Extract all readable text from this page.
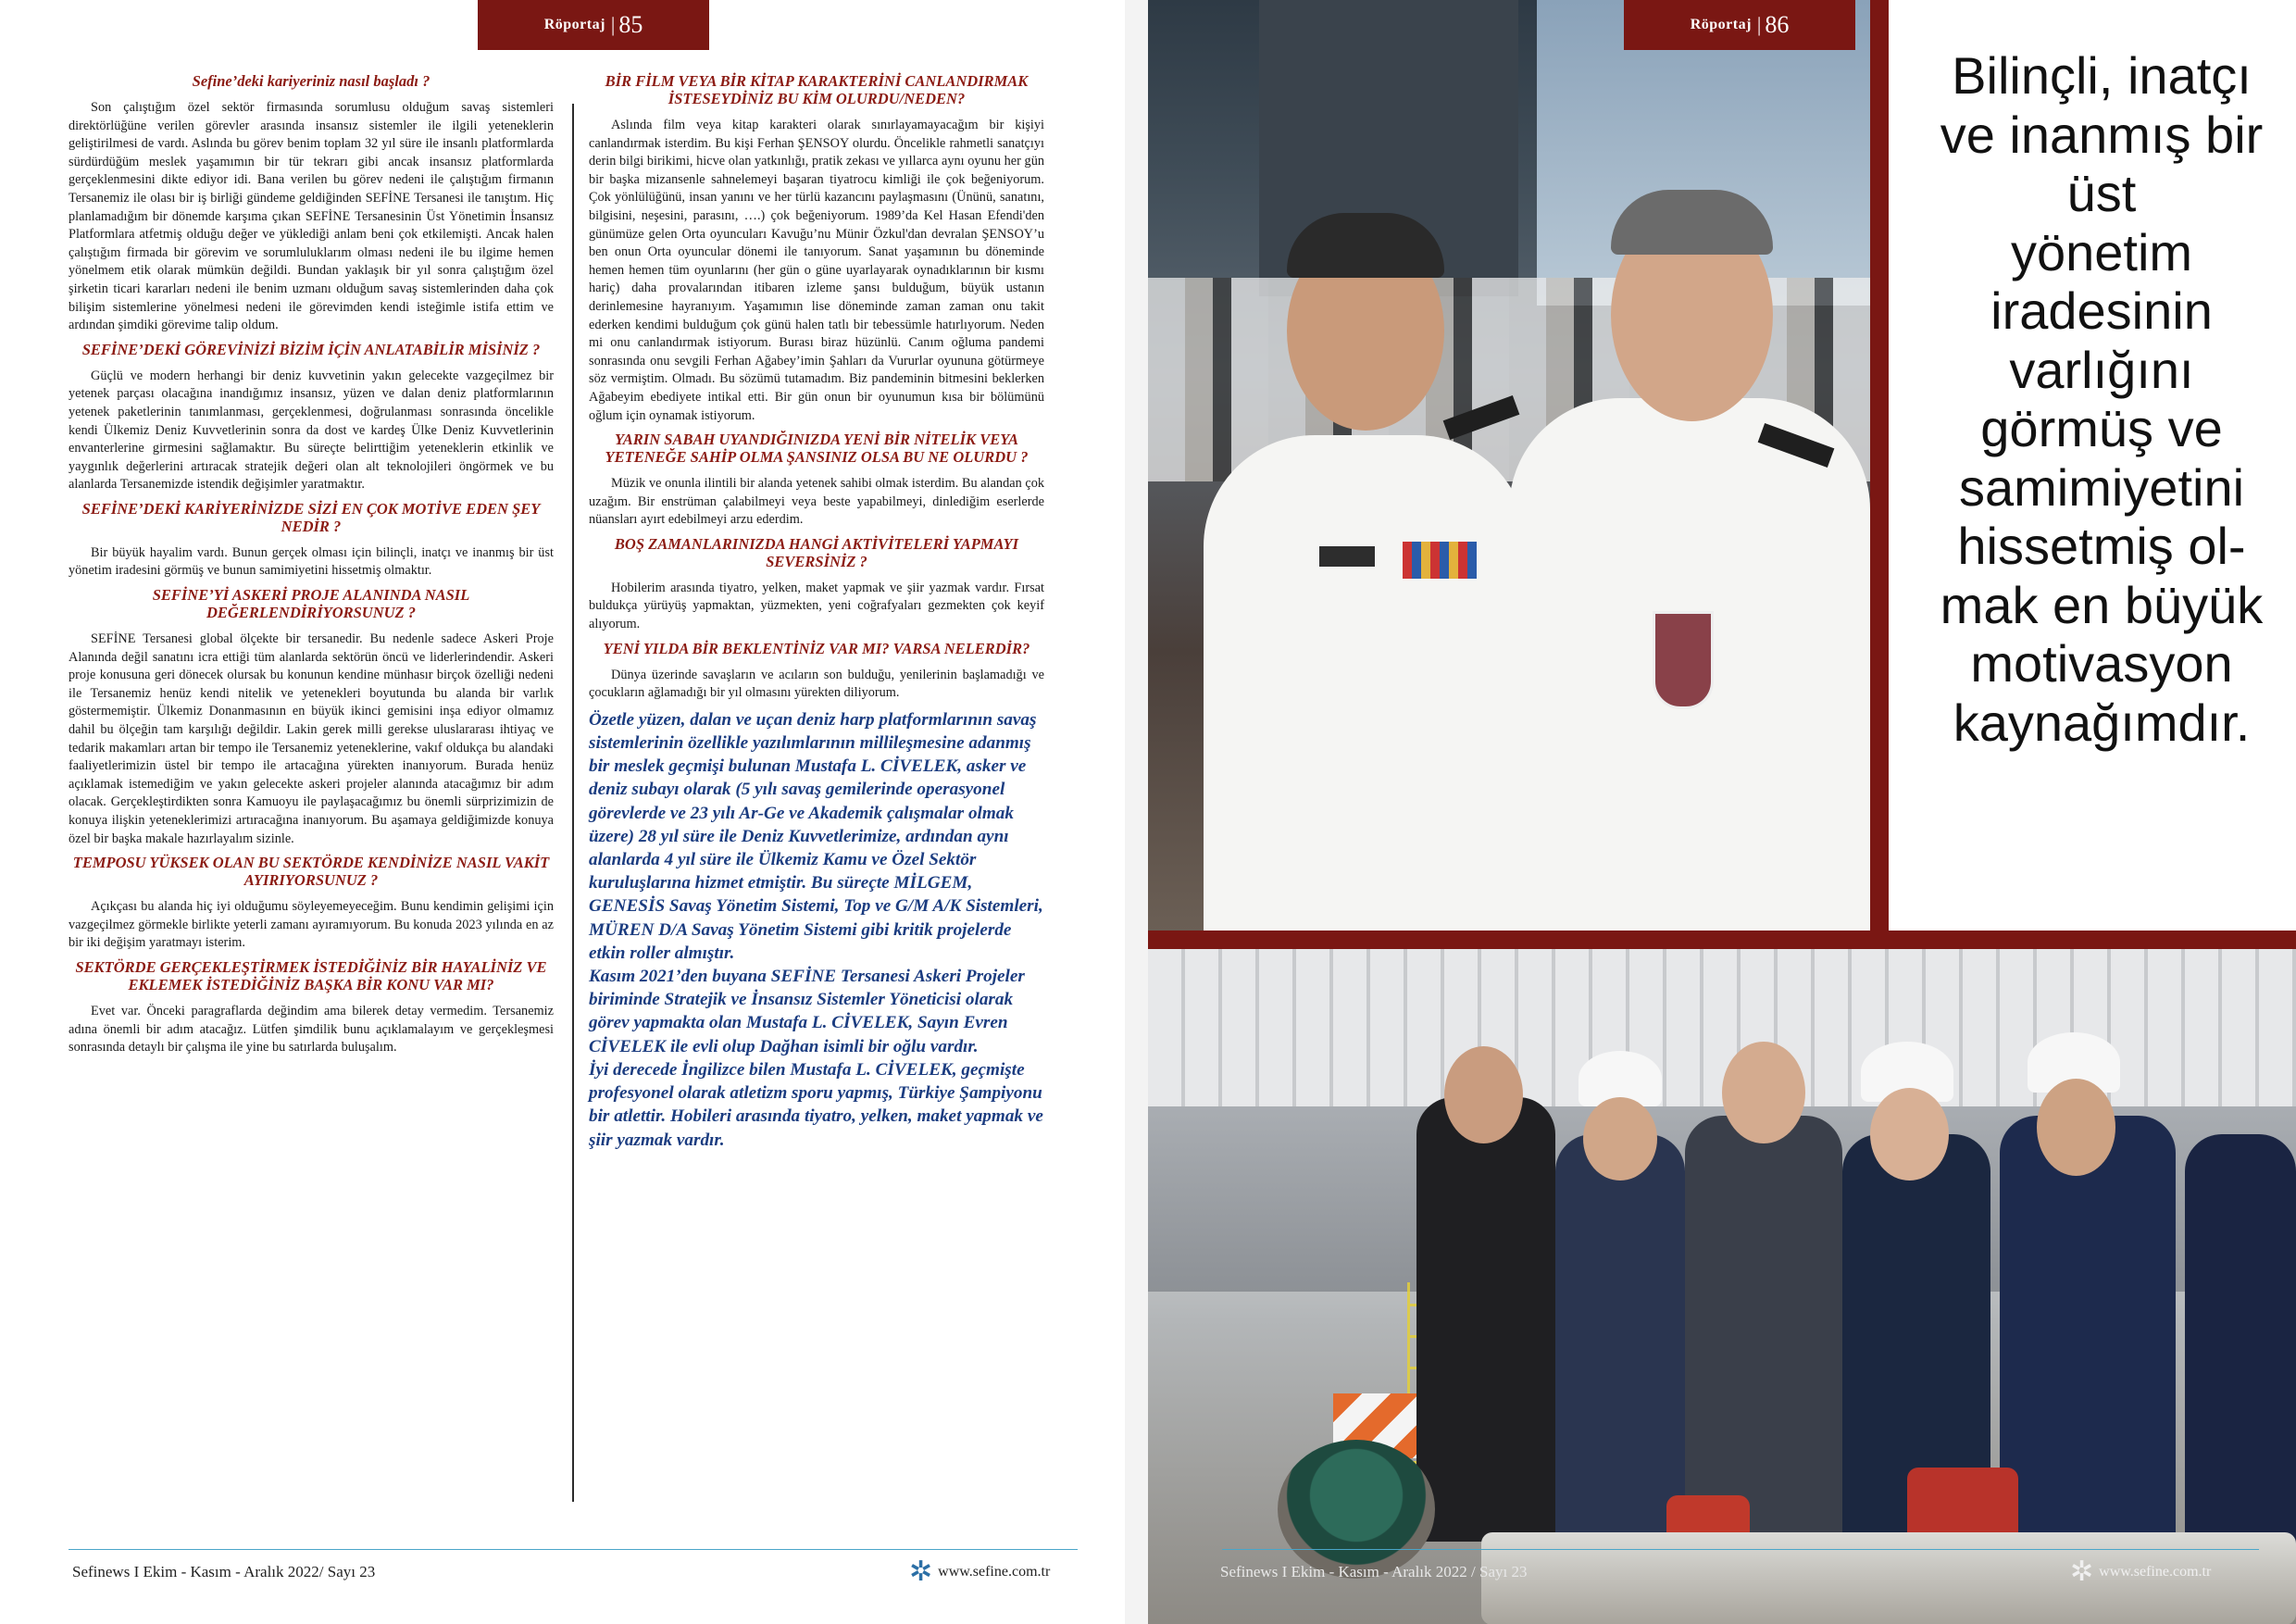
Röportaj | 85
Sefine’deki kariyeriniz nasıl başladı ?

Son çalıştığım özel sektör firmasında sorumlusu olduğum savaş sistemleri direktörlüğüne verilen görevler arasında insansız sistemler ile ilgili yeteneklerin geliştirilmesi de vardı. Aslında bu görev benim toplam 32 yıl süre ile insanlı platformlarda sürdürdüğüm meslek yaşamımın bir tür tekrarı gibi ancak insansız platformlarda gerçeklenmesini dikte ediyor idi. Bana verilen bu görev nedeni ile çalıştığım firmanın Tersanemiz ile olası bir iş birliği gündeme geldiğinden SEFİNE Tersanesi ile tanıştım. Hiç planlamadığım bir dönemde karşıma çıkan SEFİNE Tersanesinin Üst Yönetimin İnsansız Platformlara atfetmiş olduğu değer ve yüklediği anlam beni çok etkilemişti. Ancak halen çalıştığım firmada bir görevim ve sorumluluklarım olması nedeni ile bu ilgime hemen yönelmem etik olarak mümkün değildi. Bundan yaklaşık bir yıl sonra çalıştığım özel şirketin ticari kararları nedeni ile benim uzmanı olduğum savaş sistemlerinden daha çok bilişim sistemlerine yönelmesi nedeni ile görevimden kendi isteğimle istifa ettim ve ardından şimdiki görevime talip oldum.

SEFİNE’DEKİ GÖREVİNİZİ BİZİM İÇİN ANLATABİLİR MİSİNİZ ?

Güçlü ve modern herhangi bir deniz kuvvetinin yakın gelecekte vazgeçilmez bir yetenek parçası olacağına inandığımız insansız, yüzen ve dalan deniz platformlarının yetenek paketlerinin tanımlanması, gerçeklenmesi, doğrulanması sonrasında öncelikle kendi Ülkemiz Deniz Kuvvetlerinin sonra da dost ve kardeş Ülke Deniz Kuvvetlerinin envanterlerine girmesini sağlamaktır. Bu süreçte belirttiğim yeteneklerin etkinlik ve yaygınlık değerlerini artıracak stratejik değeri olan alt teknolojileri öngörmek ve bu alanlarda Tersanemizde istendik değişimler yaratmaktır.

SEFİNE’DEKİ KARİYERİNİZDE SİZİ EN ÇOK MOTİVE EDEN ŞEY NEDİR ?

Bir büyük hayalim vardı. Bunun gerçek olması için bilinçli, inatçı ve inanmış bir üst yönetim iradesini görmüş ve bunun samimiyetini hissetmiş olmaktır.

SEFİNE’Yİ ASKERİ PROJE ALANINDA NASIL DEĞERLENDİRİYORSUNUZ ?

SEFİNE Tersanesi global ölçekte bir tersanedir. Bu nedenle sadece Askeri Proje Alanında değil sanatını icra ettiği tüm alanlarda sektörün öncü ve liderlerindendir. Askeri proje konusuna geri dönecek olursak bu konunun kendine münhasır birçok özelliği nedeni ile Tersanemiz henüz kendi nitelik ve yetenekleri boyutunda bu alanda bir varlık göstermemiştir. Ülkemiz Donanmasının en büyük ikinci gemisini inşa ediyor olmamız dahil bu ölçeğin tam karşılığı değildir. Lakin gerek milli gerekse uluslararası ihtiyaç ve tedarik makamları artan bir tempo ile Tersanemiz yeteneklerine, vakıf oldukça bu alandaki faaliyetlerimizin üstel bir tempo ile artacağına yürekten inanıyorum. Burada henüz açıklamak istemediğim ve yakın gelecekte askeri projeler alanında atacağımız bir adım olacak. Gerçekleştirdikten sonra Kamuoyu ile paylaşacağımız bu önemli sürprizimizin de konuya ilişkin yeteneklerimizi artıracağına inanıyorum. Bu aşamaya geldiğimizde konuya özel bir başka makale hazırlayalım sizinle.

TEMPOSU YÜKSEK OLAN BU SEKTÖRDE KENDİNİZE NASIL VAKİT AYIRIYORSUNUZ ?

Açıkçası bu alanda hiç iyi olduğumu söyleyemeyeceğim. Bunu kendimin gelişimi için vazgeçilmez görmekle birlikte yeterli zamanı ayıramıyorum. Bu konuda 2023 yılında en az bir iki değişim yaratmayı isterim.

SEKTÖRDE GERÇEKLEŞTİRMEK İSTEDİĞİNİZ BİR HAYALİNİZ VE EKLEMEK İSTEDİĞİNİZ BAŞKA BİR KONU VAR MI?

Evet var. Önceki paragraflarda değindim ama bilerek detay vermedim. Tersanemiz adına önemli bir adım atacağız. Lütfen şimdilik bunu açıklamalayım ve gerçekleşmesi sonrasında detaylı bir çalışma ile yine bu satırlarda buluşalım.

BİR FİLM VEYA BİR KİTAP KARAKTERİNİ CANLANDIRMAK İSTESEYDİNİZ BU KİM OLURDU/NEDEN?

Aslında film veya kitap karakteri olarak sınırlayamayacağım bir kişiyi canlandırmak isterdim. Bu kişi Ferhan ŞENSOY olurdu. Öncelikle rahmetli sanatçıyı derin bilgi birikimi, hicve olan yatkınlığı, pratik zekası ve yıllarca aynı oyunu her gün bir başka mizansenle sahnelemeyi başaran tiyatrocu kimliği ile çok beğeniyorum. Çok yönlülüğünü, insan yanını ve her türlü kazancını paylaşmasını (Ününü, sanatını, bilgisini, neşesini, parasını, ….) çok beğeniyorum. 1989’da Kel Hasan Efendi'den günümüze gelen Orta oyuncuları Kavuğu’nu Münir Özkul'dan devralan ŞENSOY’u ben onun Orta oyuncular dönemi ile tanıyorum. Sanat yaşamının bu döneminde hemen hemen tüm oyunlarını (her gün o güne uyarlayarak oynadıklarının bir kısmı hariç) daha provalarından itibaren izleme şansı bulduğum, büyük ustanın derinlemesine hayranıyım. Yaşamımın lise döneminde zaman zaman onu takit ederken kendimi bulduğum çok günü halen tatlı bir tebessümle hatırlıyorum. Neden mi onu canlandırmak istiyorum. Burası biraz hüzünlü. Canım oğluma pandemi sonrasında onu sevgili Ferhan Ağabey’imin Şahları da Vururlar oyununa götürmeye söz vermiştim. Olmadı. Bu sözümü tutamadım. Biz pandeminin bitmesini beklerken Ağabeyim ebediyete intikal etti. Bir gün onun bir oyunumun kısa bir bölümünü oğlum için oynamak istiyorum.

YARIN SABAH UYANDIĞINIZDA YENİ BİR NİTELİK VEYA YETENEĞE SAHİP OLMA ŞANSINIZ OLSA BU NE OLURDU ?

Müzik ve onunla ilintili bir alanda yetenek sahibi olmak isterdim. Bu alandan çok uzağım. Bir enstrüman çalabilmeyi veya beste yapabilmeyi, dinlediğim eserlerde nüansları ayırt edebilmeyi arzu ederdim.

BOŞ ZAMANLARINIZDA HANGİ AKTİVİTELERİ YAPMAYI SEVERSİNİZ ?

Hobilerim arasında tiyatro, yelken, maket yapmak ve şiir yazmak vardır. Fırsat buldukça yürüyüş yapmaktan, yüzmekten, yeni coğrafyaları gezmekten çok keyif alıyorum.

YENİ YILDA BİR BEKLENTİNİZ VAR MI? VARSA NELERDİR?

Dünya üzerinde savaşların ve acıların son bulduğu, yenilerinin başlamadığı ve çocukların ağlamadığı bir yıl olmasını yürekten diliyorum.

Özetle yüzen, dalan ve uçan deniz harp platformlarının savaş sistemlerinin özellikle yazılımlarının millileşmesine adanmış bir meslek geçmişi bulunan Mustafa L. CİVELEK, asker ve deniz subayı olarak (5 yılı savaş gemilerinde operasyonel görevlerde ve 23 yılı Ar-Ge ve Akademik çalışmalar olmak üzere) 28 yıl süre ile Deniz Kuvvetlerimize, ardından aynı alanlarda 4 yıl süre ile Ülkemiz Kamu ve Özel Sektör kuruluşlarına hizmet etmiştir. Bu süreçte MİLGEM, GENESİS Savaş Yönetim Sistemi, Top ve G/M A/K Sistemleri, MÜREN D/A Savaş Yönetim Sistemi gibi kritik projelerde etkin roller almıştır.

Kasım 2021’den buyana SEFİNE Tersanesi Askeri Projeler biriminde Stratejik ve İnsansız Sistemler Yöneticisi olarak görev yapmakta olan Mustafa L. CİVELEK, Sayın Evren CİVELEK ile evli olup Dağhan isimli bir oğlu vardır.

İyi derecede İngilizce bilen Mustafa L. CİVELEK, geçmişte profesyonel olarak atletizm sporu yapmış, Türkiye Şampiyonu bir atlettir. Hobileri arasında tiyatro, yelken, maket yapmak ve şiir yazmak vardır.

Sefinews I Ekim - Kasım - Aralık 2022/ Sayı 23	✲ www.sefine.com.tr
Röportaj | 86
Bilinçli, inatçı
ve inanmış bir
üst
yönetim
iradesinin
varlığını
görmüş ve
samimiyetini
hissetmiş ol-
mak en büyük
motivasyon
kaynağımdır.
Sefinews I Ekim - Kasım - Aralık 2022 / Sayı 23	✲ www.sefine.com.tr
